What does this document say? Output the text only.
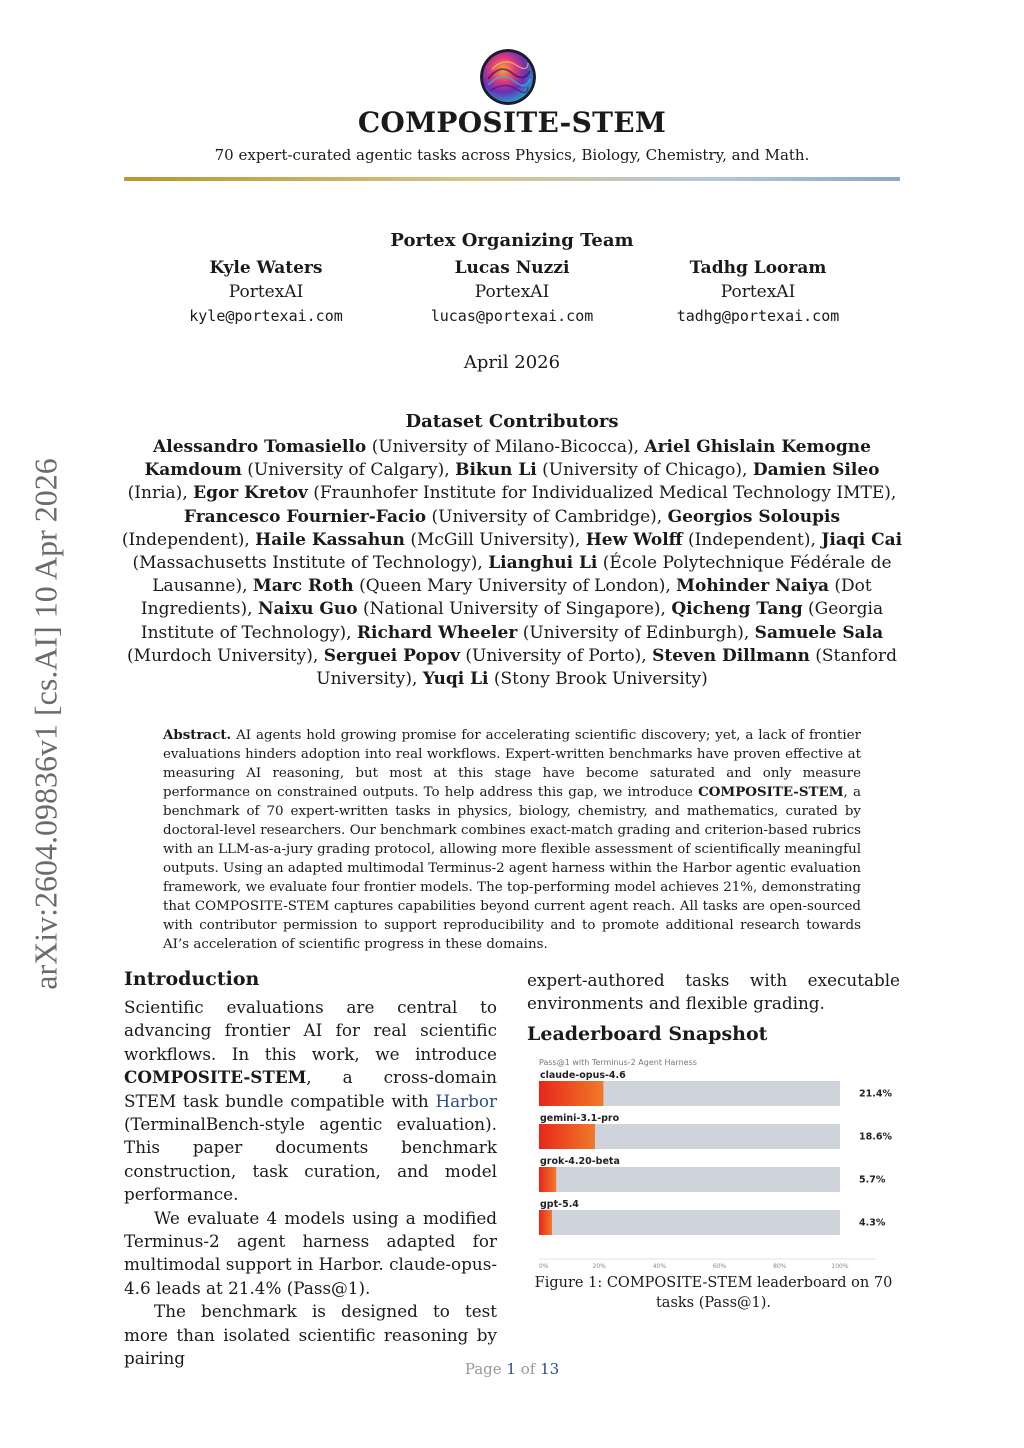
COMPOSITE-STEM
70 expert-curated agentic tasks across Physics, Biology, Chemistry, and Math.
Portex Organizing Team
Kyle Waters
PortexAI
kyle@portexai.com
Lucas Nuzzi
PortexAI
lucas@portexai.com
Tadhg Looram
PortexAI
tadhg@portexai.com
April 2026
Dataset Contributors
Alessandro Tomasiello (University of Milano-Bicocca), Ariel Ghislain Kemogne Kamdoum (University of Calgary), Bikun Li (University of Chicago), Damien Sileo (Inria), Egor Kretov (Fraunhofer Institute for Individualized Medical Technology IMTE), Francesco Fournier-Facio (University of Cambridge), Georgios Soloupis (Independent), Haile Kassahun (McGill University), Hew Wolff (Independent), Jiaqi Cai (Massachusetts Institute of Technology), Lianghui Li (École Polytechnique Fédérale de Lausanne), Marc Roth (Queen Mary University of London), Mohinder Naiya (Dot Ingredients), Naixu Guo (National University of Singapore), Qicheng Tang (Georgia Institute of Technology), Richard Wheeler (University of Edinburgh), Samuele Sala (Murdoch University), Serguei Popov (University of Porto), Steven Dillmann (Stanford University), Yuqi Li (Stony Brook University)
arXiv:2604.09836v1 [cs.AI] 10 Apr 2026	Abstract. AI agents hold growing promise for accelerating scientific discovery; yet, a lack of frontier evaluations hinders adoption into real workflows. Expert-written benchmarks have proven effective at measuring AI reasoning, but most at this stage have become saturated and only measure performance on constrained outputs. To help address this gap, we introduce COMPOSITE-STEM, a benchmark of 70 expert-written tasks in physics, biology, chemistry, and mathematics, curated by doctoral-level researchers. Our benchmark combines exact-match grading and criterion-based rubrics with an LLM-as-a-jury grading protocol, allowing more flexible assessment of scientifically meaningful outputs. Using an adapted multimodal Terminus-2 agent harness within the Harbor agentic evaluation framework, we evaluate four frontier models. The top-performing model achieves 21%, demonstrating that COMPOSITE-STEM captures capabilities beyond current agent reach. All tasks are open-sourced with contributor permission to support reproducibility and to promote additional research towards AI’s acceleration of scientific progress in these domains.
Introduction

Scientific evaluations are central to advancing frontier AI for real scientific workflows. In this work, we introduce COMPOSITE-STEM, a cross-domain STEM task bundle compatible with Harbor (TerminalBench-style agentic evaluation). This paper documents benchmark construction, task curation, and model performance.

We evaluate 4 models using a modified Terminus-2 agent harness adapted for multimodal support in Harbor. claude-opus-4.6 leads at 21.4% (Pass@1).

The benchmark is designed to test more than isolated scientific reasoning by pairing

expert-authored tasks with executable environments and flexible grading.
Leaderboard Snapshot
Pass@1 with Terminus-2 Agent Harness
claude-opus-4.6
21.4%
gemini-3.1-pro
18.6%
grok-4.20-beta
5.7%
gpt-5.4
4.3%
0%	20%	40%	60%	80%	100%
Figure 1: COMPOSITE-STEM leaderboard on 70 tasks (Pass@1).
Page 1 of 13
